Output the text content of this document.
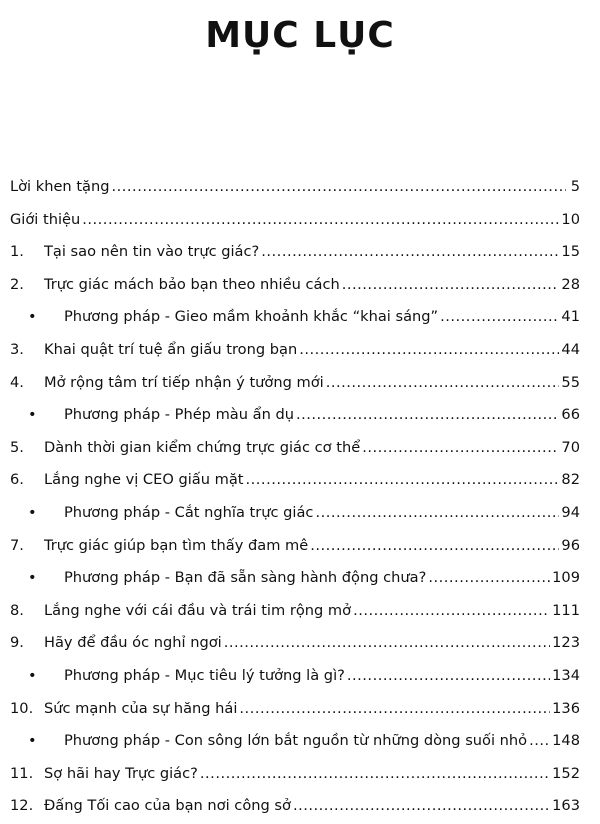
MỤC LỤC
Lời khen tặng .....	5
Giới thiệu .....	10
1.	Tại sao nên tin vào trực giác? .....	15
2.	Trực giác mách bảo bạn theo nhiều cách .....	28
•	Phương pháp - Gieo mầm khoảnh khắc “khai sáng” .....	41
3.	Khai quật trí tuệ ẩn giấu trong bạn .....	44
4.	Mở rộng tâm trí tiếp nhận ý tưởng mới .....	55
•	Phương pháp - Phép màu ẩn dụ .....	66
5.	Dành thời gian kiểm chứng trực giác cơ thể .....	70
6.	Lắng nghe vị CEO giấu mặt .....	82
•	Phương pháp - Cắt nghĩa trực giác .....	94
7.	Trực giác giúp bạn tìm thấy đam mê .....	96
•	Phương pháp - Bạn đã sẵn sàng hành động chưa? .....	109
8.	Lắng nghe với cái đầu và trái tim rộng mở .....	111
9.	Hãy để đầu óc nghỉ ngơi .....	123
•	Phương pháp - Mục tiêu lý tưởng là gì? .....	134
10. Sức mạnh của sự hăng hái .....	136
•	Phương pháp - Con sông lớn bắt nguồn từ những dòng suối nhỏ ..... 148
11. Sợ hãi hay Trực giác? .....	152
12. Đấng Tối cao của bạn nơi công sở .....	163
